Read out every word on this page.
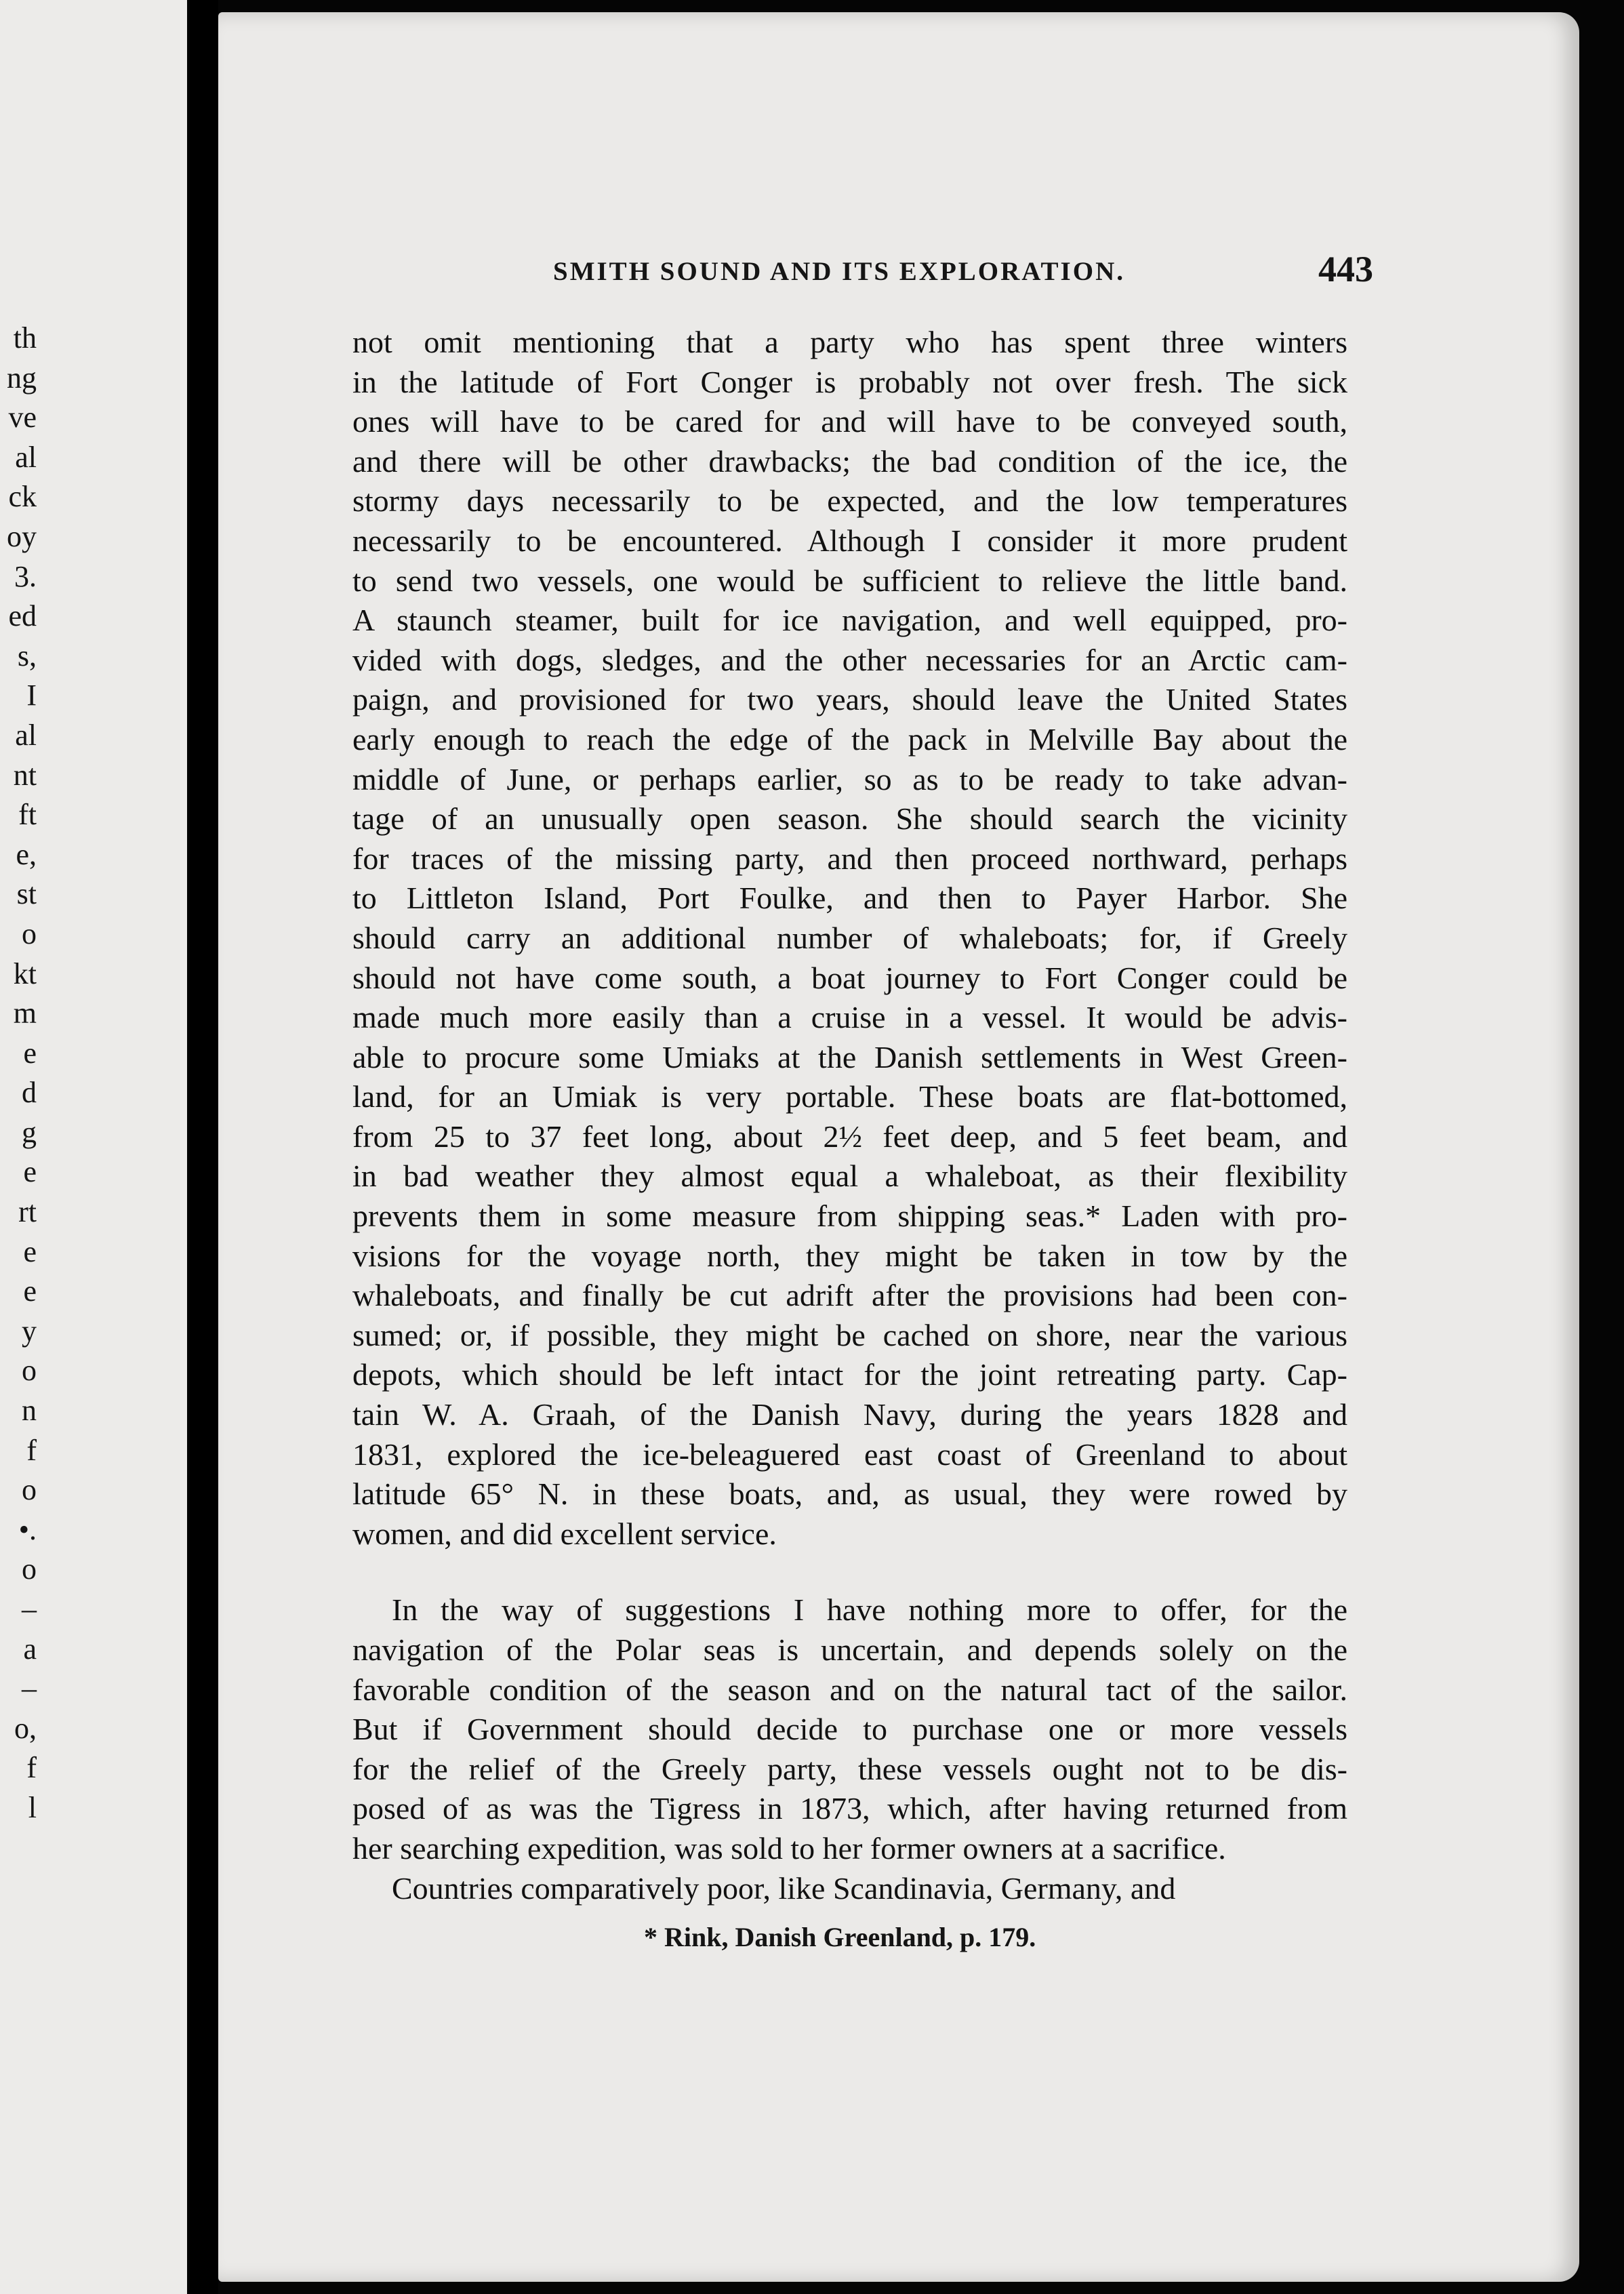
th
ng
ve
al
ck
oy
3.
ed
s,
I
al
nt
ft
e,
st
o
kt
m
e
d
g
e
rt
e
e
y
o
n
f
o
•.
o
–
a
–
o,
f
l
SMITH SOUND AND ITS EXPLORATION.	443
not omit mentioning that a party who has spent three winters
in the latitude of Fort Conger is probably not over fresh. The sick
ones will have to be cared for and will have to be conveyed south,
and there will be other drawbacks; the bad condition of the ice, the
stormy days necessarily to be expected, and the low temperatures
necessarily to be encountered. Although I consider it more prudent
to send two vessels, one would be sufficient to relieve the little band.
A staunch steamer, built for ice navigation, and well equipped, pro-
vided with dogs, sledges, and the other necessaries for an Arctic cam-
paign, and provisioned for two years, should leave the United States
early enough to reach the edge of the pack in Melville Bay about the
middle of June, or perhaps earlier, so as to be ready to take advan-
tage of an unusually open season. She should search the vicinity
for traces of the missing party, and then proceed northward, perhaps
to Littleton Island, Port Foulke, and then to Payer Harbor. She
should carry an additional number of whaleboats; for, if Greely
should not have come south, a boat journey to Fort Conger could be
made much more easily than a cruise in a vessel. It would be advis-
able to procure some Umiaks at the Danish settlements in West Green-
land, for an Umiak is very portable. These boats are flat-bottomed,
from 25 to 37 feet long, about 2½ feet deep, and 5 feet beam, and
in bad weather they almost equal a whaleboat, as their flexibility
prevents them in some measure from shipping seas.* Laden with pro-
visions for the voyage north, they might be taken in tow by the
whaleboats, and finally be cut adrift after the provisions had been con-
sumed; or, if possible, they might be cached on shore, near the various
depots, which should be left intact for the joint retreating party. Cap-
tain W. A. Graah, of the Danish Navy, during the years 1828 and
1831, explored the ice-beleaguered east coast of Greenland to about
latitude 65° N. in these boats, and, as usual, they were rowed by
women, and did excellent service.
In the way of suggestions I have nothing more to offer, for the
navigation of the Polar seas is uncertain, and depends solely on the
favorable condition of the season and on the natural tact of the sailor.
But if Government should decide to purchase one or more vessels
for the relief of the Greely party, these vessels ought not to be dis-
posed of as was the Tigress in 1873, which, after having returned from
her searching expedition, was sold to her former owners at a sacrifice.
Countries comparatively poor, like Scandinavia, Germany, and
* Rink, Danish Greenland, p. 179.
